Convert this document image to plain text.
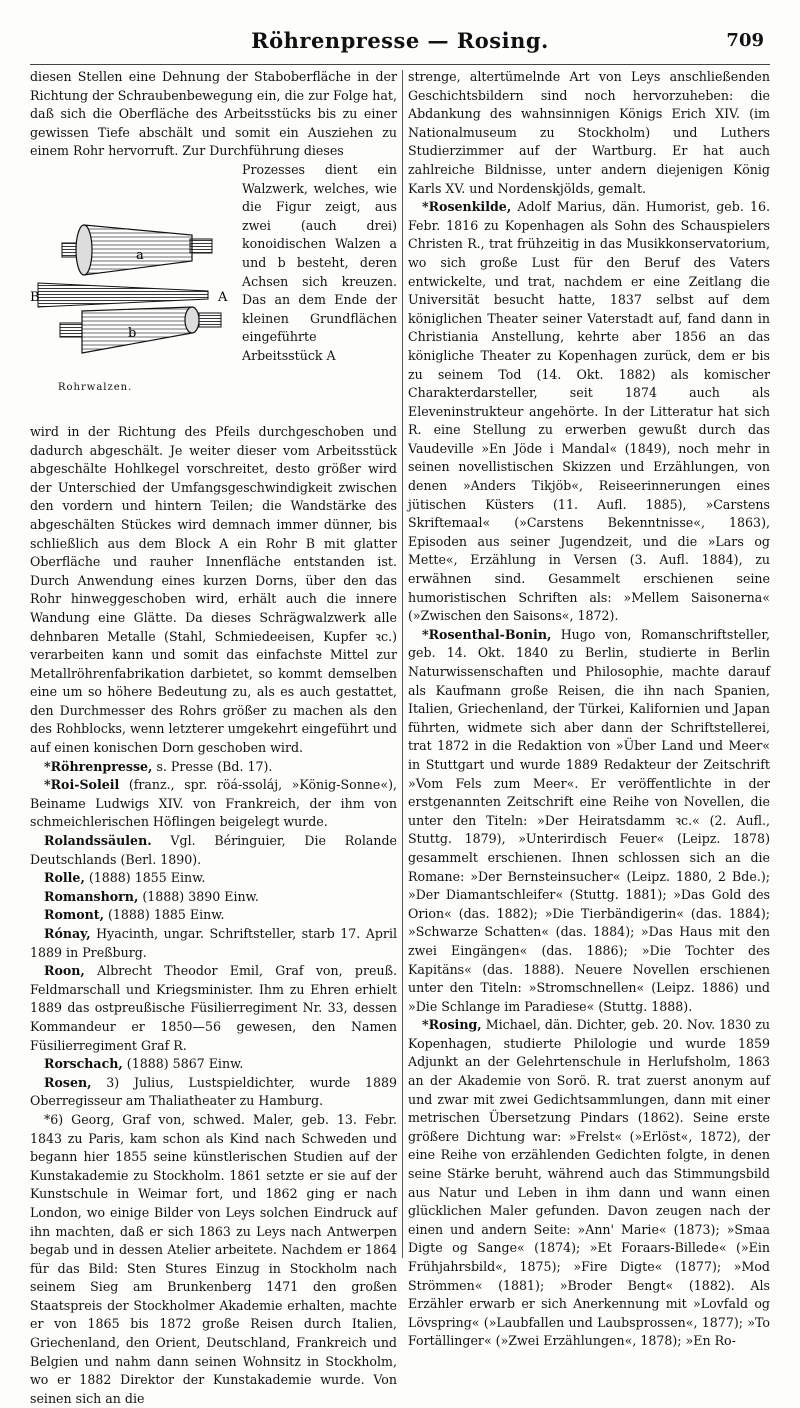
Röhrenpresse — Rosing.	709

diesen Stellen eine Dehnung der Staboberfläche in der Richtung der Schraubenbewegung ein, die zur Folge hat, daß sich die Oberfläche des Arbeitsstücks bis zu einer gewissen Tiefe abschält und somit ein Ausziehen zu einem Rohr hervorruft. Zur Durchführung dieses

Prozesses dient ein Walzwerk, welches, wie die Figur zeigt, aus zwei (auch drei) konoidischen Walzen a und b besteht, deren Achsen sich kreuzen. Das an dem Ende der kleinen Grundflächen eingeführte Arbeitsstück A
a
b
A
B
Rohrwalzen.

wird in der Richtung des Pfeils durchgeschoben und dadurch abgeschält. Je weiter dieser vom Arbeitsstück abgeschälte Hohlkegel vorschreitet, desto größer wird der Unterschied der Umfangsgeschwindigkeit zwischen den vordern und hintern Teilen; die Wandstärke des abgeschälten Stückes wird demnach immer dünner, bis schließlich aus dem Block A ein Rohr B mit glatter Oberfläche und rauher Innenfläche entstanden ist. Durch Anwendung eines kurzen Dorns, über den das Rohr hinweggeschoben wird, erhält auch die innere Wandung eine Glätte. Da dieses Schrägwalzwerk alle dehnbaren Metalle (Stahl, Schmiedeeisen, Kupfer ꝛc.) verarbeiten kann und somit das einfachste Mittel zur Metallröhrenfabrikation darbietet, so kommt demselben eine um so höhere Bedeutung zu, als es auch gestattet, den Durchmesser des Rohrs größer zu machen als den des Rohblocks, wenn letzterer umgekehrt eingeführt und auf einen konischen Dorn geschoben wird.

*Röhrenpresse, s. Presse (Bd. 17).

*Roi-Soleil (franz., spr. röá-ssoláj, »König-Sonne«), Beiname Ludwigs XIV. von Frankreich, der ihm von schmeichlerischen Höflingen beigelegt wurde.

Rolandssäulen. Vgl. Béringuier, Die Rolande Deutschlands (Berl. 1890).

Rolle, (1888) 1855 Einw.

Romanshorn, (1888) 3890 Einw.

Romont, (1888) 1885 Einw.

Rónay, Hyacinth, ungar. Schriftsteller, starb 17. April 1889 in Preßburg.

Roon, Albrecht Theodor Emil, Graf von, preuß. Feldmarschall und Kriegsminister. Ihm zu Ehren erhielt 1889 das ostpreußische Füsilierregiment Nr. 33, dessen Kommandeur er 1850—56 gewesen, den Namen Füsilierregiment Graf R.

Rorschach, (1888) 5867 Einw.

Rosen, 3) Julius, Lustspieldichter, wurde 1889 Oberregisseur am Thaliatheater zu Hamburg.

*6) Georg, Graf von, schwed. Maler, geb. 13. Febr. 1843 zu Paris, kam schon als Kind nach Schweden und begann hier 1855 seine künstlerischen Studien auf der Kunstakademie zu Stockholm. 1861 setzte er sie auf der Kunstschule in Weimar fort, und 1862 ging er nach London, wo einige Bilder von Leys solchen Eindruck auf ihn machten, daß er sich 1863 zu Leys nach Antwerpen begab und in dessen Atelier arbeitete. Nachdem er 1864 für das Bild: Sten Stures Einzug in Stockholm nach seinem Sieg am Brunkenberg 1471 den großen Staatspreis der Stockholmer Akademie erhalten, machte er von 1865 bis 1872 große Reisen durch Italien, Griechenland, den Orient, Deutschland, Frankreich und Belgien und nahm dann seinen Wohnsitz in Stockholm, wo er 1882 Direktor der Kunstakademie wurde. Von seinen sich an die

strenge, altertümelnde Art von Leys anschließenden Geschichtsbildern sind noch hervorzuheben: die Abdankung des wahnsinnigen Königs Erich XIV. (im Nationalmuseum zu Stockholm) und Luthers Studierzimmer auf der Wartburg. Er hat auch zahlreiche Bildnisse, unter andern diejenigen König Karls XV. und Nordenskjölds, gemalt.

*Rosenkilde, Adolf Marius, dän. Humorist, geb. 16. Febr. 1816 zu Kopenhagen als Sohn des Schauspielers Christen R., trat frühzeitig in das Musikkonservatorium, wo sich große Lust für den Beruf des Vaters entwickelte, und trat, nachdem er eine Zeitlang die Universität besucht hatte, 1837 selbst auf dem königlichen Theater seiner Vaterstadt auf, fand dann in Christiania Anstellung, kehrte aber 1856 an das königliche Theater zu Kopenhagen zurück, dem er bis zu seinem Tod (14. Okt. 1882) als komischer Charakterdarsteller, seit 1874 auch als Eleveninstrukteur angehörte. In der Litteratur hat sich R. eine Stellung zu erwerben gewußt durch das Vaudeville »En Jöde i Mandal« (1849), noch mehr in seinen novellistischen Skizzen und Erzählungen, von denen »Anders Tikjöb«, Reiseerinnerungen eines jütischen Küsters (11. Aufl. 1885), »Carstens Skriftemaal« (»Carstens Bekenntnisse«, 1863), Episoden aus seiner Jugendzeit, und die »Lars og Mette«, Erzählung in Versen (3. Aufl. 1884), zu erwähnen sind. Gesammelt erschienen seine humoristischen Schriften als: »Mellem Saisonerna« (»Zwischen den Saisons«, 1872).

*Rosenthal-Bonin, Hugo von, Romanschriftsteller, geb. 14. Okt. 1840 zu Berlin, studierte in Berlin Naturwissenschaften und Philosophie, machte darauf als Kaufmann große Reisen, die ihn nach Spanien, Italien, Griechenland, der Türkei, Kalifornien und Japan führten, widmete sich aber dann der Schriftstellerei, trat 1872 in die Redaktion von »Über Land und Meer« in Stuttgart und wurde 1889 Redakteur der Zeitschrift »Vom Fels zum Meer«. Er veröffentlichte in der erstgenannten Zeitschrift eine Reihe von Novellen, die unter den Titeln: »Der Heiratsdamm ꝛc.« (2. Aufl., Stuttg. 1879), »Unterirdisch Feuer« (Leipz. 1878) gesammelt erschienen. Ihnen schlossen sich an die Romane: »Der Bernsteinsucher« (Leipz. 1880, 2 Bde.); »Der Diamantschleifer« (Stuttg. 1881); »Das Gold des Orion« (das. 1882); »Die Tierbändigerin« (das. 1884); »Schwarze Schatten« (das. 1884); »Das Haus mit den zwei Eingängen« (das. 1886); »Die Tochter des Kapitäns« (das. 1888). Neuere Novellen erschienen unter den Titeln: »Stromschnellen« (Leipz. 1886) und »Die Schlange im Paradiese« (Stuttg. 1888).

*Rosing, Michael, dän. Dichter, geb. 20. Nov. 1830 zu Kopenhagen, studierte Philologie und wurde 1859 Adjunkt an der Gelehrtenschule in Herlufsholm, 1863 an der Akademie von Sorö. R. trat zuerst anonym auf und zwar mit zwei Gedichtsammlungen, dann mit einer metrischen Übersetzung Pindars (1862). Seine erste größere Dichtung war: »Frelst« (»Erlöst«, 1872), der eine Reihe von erzählenden Gedichten folgte, in denen seine Stärke beruht, während auch das Stimmungsbild aus Natur und Leben in ihm dann und wann einen glücklichen Maler gefunden. Davon zeugen nach der einen und andern Seite: »Ann' Marie« (1873); »Smaa Digte og Sange« (1874); »Et Foraars-Billede« (»Ein Frühjahrsbild«, 1875); »Fire Digte« (1877); »Mod Strömmen« (1881); »Broder Bengt« (1882). Als Erzähler erwarb er sich Anerkennung mit »Lovfald og Lövspring« (»Laubfallen und Laubsprossen«, 1877); »To Fortällinger« (»Zwei Erzählungen«, 1878); »En Ro-
